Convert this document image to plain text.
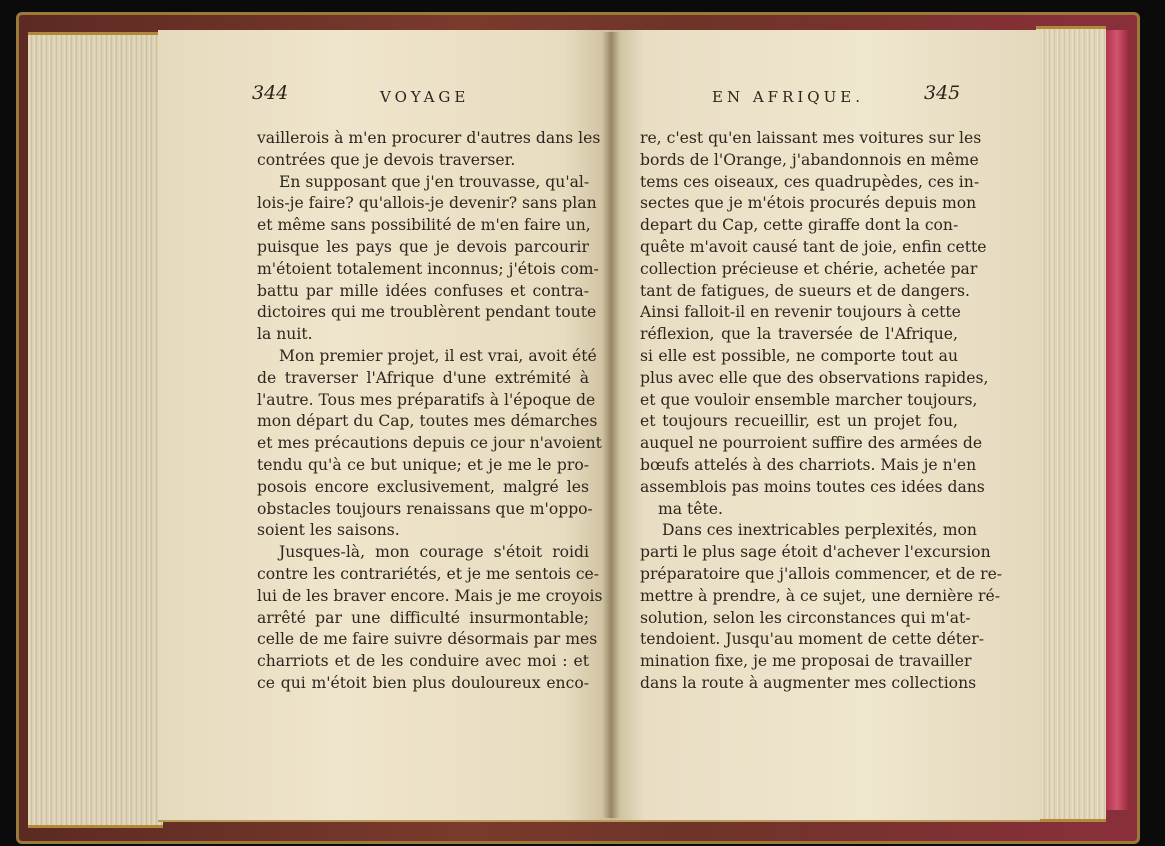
344	VOYAGE	EN AFRIQUE.	345
vaillerois à m'en procurer d'autres dans les
contrées que je devois traverser.
En supposant que j'en trouvasse, qu'al-
lois-je faire? qu'allois-je devenir? sans plan
et même sans possibilité de m'en faire un,
puisque les pays que je devois parcourir
m'étoient totalement inconnus; j'étois com-
battu par mille idées confuses et contra-
dictoires qui me troublèrent pendant toute
la nuit.
Mon premier projet, il est vrai, avoit été
de traverser l'Afrique d'une extrémité à
l'autre. Tous mes préparatifs à l'époque de
mon départ du Cap, toutes mes démarches
et mes précautions depuis ce jour n'avoient
tendu qu'à ce but unique; et je me le pro-
posois encore exclusivement, malgré les
obstacles toujours renaissans que m'oppo-
soient les saisons.
Jusques-là, mon courage s'étoit roidi
contre les contrariétés, et je me sentois ce-
lui de les braver encore. Mais je me croyois
arrêté par une difficulté insurmontable;
celle de me faire suivre désormais par mes
charriots et de les conduire avec moi : et
ce qui m'étoit bien plus douloureux enco-
re, c'est qu'en laissant mes voitures sur les
bords de l'Orange, j'abandonnois en même
tems ces oiseaux, ces quadrupèdes, ces in-
sectes que je m'étois procurés depuis mon
depart du Cap, cette giraffe dont la con-
quête m'avoit causé tant de joie, enfin cette
collection précieuse et chérie, achetée par
tant de fatigues, de sueurs et de dangers.
Ainsi falloit-il en revenir toujours à cette
réflexion, que la traversée de l'Afrique,
si elle est possible, ne comporte tout au
plus avec elle que des observations rapides,
et que vouloir ensemble marcher toujours,
et toujours recueillir, est un projet fou,
auquel ne pourroient suffire des armées de
bœufs attelés à des charriots. Mais je n'en
assemblois pas moins toutes ces idées dans
ma tête.
Dans ces inextricables perplexités, mon
parti le plus sage étoit d'achever l'excursion
préparatoire que j'allois commencer, et de re-
mettre à prendre, à ce sujet, une dernière ré-
solution, selon les circonstances qui m'at-
tendoient. Jusqu'au moment de cette déter-
mination fixe, je me proposai de travailler
dans la route à augmenter mes collections
